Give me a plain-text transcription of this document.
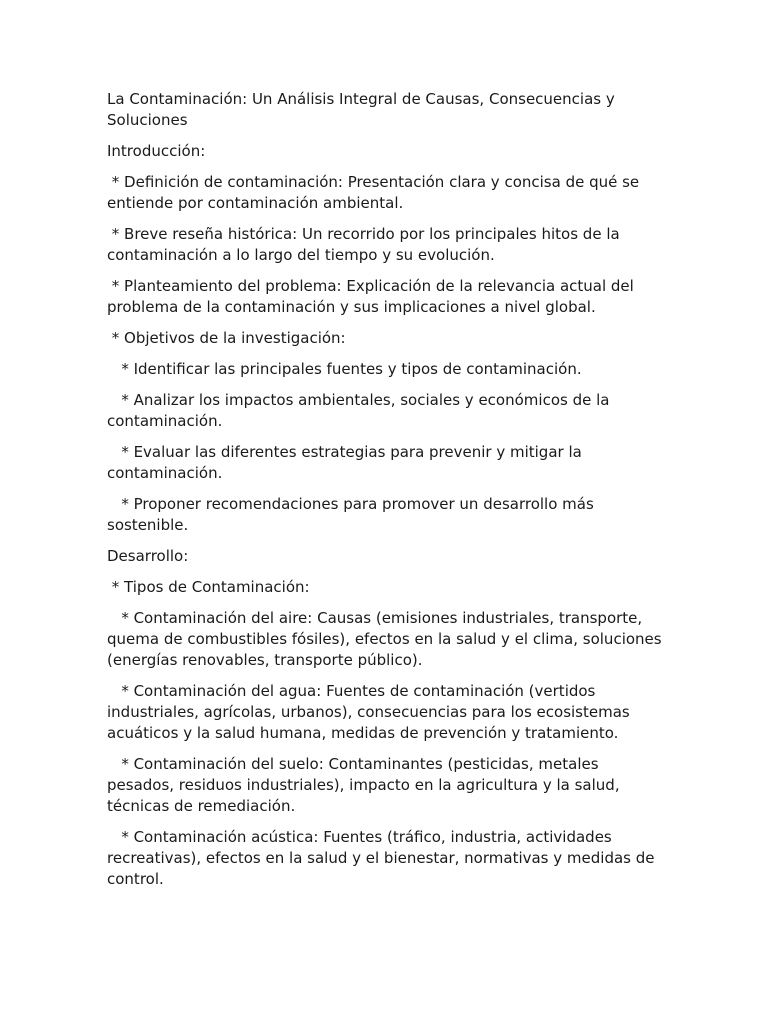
La Contaminación: Un Análisis Integral de Causas, Consecuencias y Soluciones

Introducción:

* Definición de contaminación: Presentación clara y concisa de qué se entiende por contaminación ambiental.

* Breve reseña histórica: Un recorrido por los principales hitos de la contaminación a lo largo del tiempo y su evolución.

* Planteamiento del problema: Explicación de la relevancia actual del problema de la contaminación y sus implicaciones a nivel global.

* Objetivos de la investigación:

* Identificar las principales fuentes y tipos de contaminación.

* Analizar los impactos ambientales, sociales y económicos de la contaminación.

* Evaluar las diferentes estrategias para prevenir y mitigar la contaminación.

* Proponer recomendaciones para promover un desarrollo más sostenible.

Desarrollo:

* Tipos de Contaminación:

* Contaminación del aire: Causas (emisiones industriales, transporte, quema de combustibles fósiles), efectos en la salud y el clima, soluciones (energías renovables, transporte público).

* Contaminación del agua: Fuentes de contaminación (vertidos industriales, agrícolas, urbanos), consecuencias para los ecosistemas acuáticos y la salud humana, medidas de prevención y tratamiento.

* Contaminación del suelo: Contaminantes (pesticidas, metales pesados, residuos industriales), impacto en la agricultura y la salud, técnicas de remediación.

* Contaminación acústica: Fuentes (tráfico, industria, actividades recreativas), efectos en la salud y el bienestar, normativas y medidas de control.
